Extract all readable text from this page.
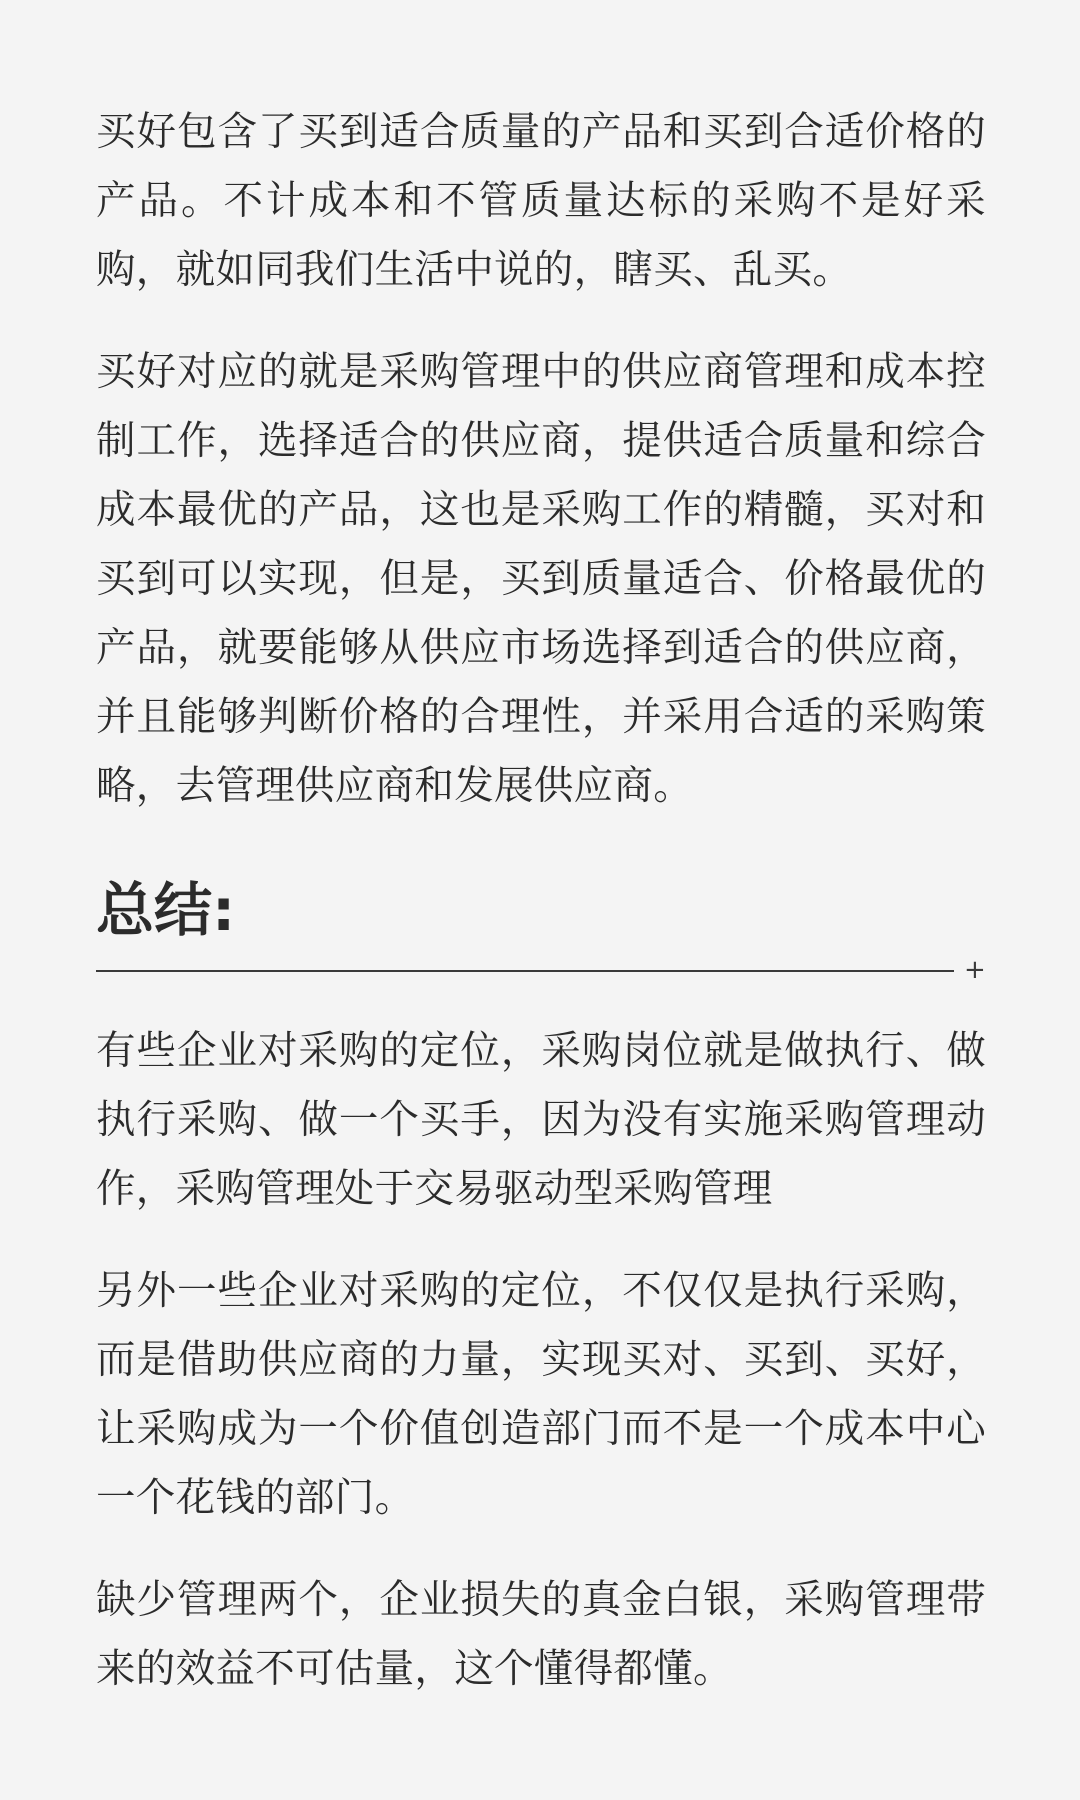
买好包含了买到适合质量的产品和买到合适价格的产品。不计成本和不管质量达标的采购不是好采购，就如同我们生活中说的，瞎买、乱买。

买好对应的就是采购管理中的供应商管理和成本控制工作，选择适合的供应商，提供适合质量和综合成本最优的产品，这也是采购工作的精髓，买对和买到可以实现，但是，买到质量适合、价格最优的产品，就要能够从供应市场选择到适合的供应商，并且能够判断价格的合理性，并采用合适的采购策略，去管理供应商和发展供应商。

总结:
+

有些企业对采购的定位，采购岗位就是做执行、做执行采购、做一个买手，因为没有实施采购管理动作，采购管理处于交易驱动型采购管理

另外一些企业对采购的定位，不仅仅是执行采购，而是借助供应商的力量，实现买对、买到、买好，让采购成为一个价值创造部门而不是一个成本中心一个花钱的部门。

缺少管理两个，企业损失的真金白银，采购管理带来的效益不可估量，这个懂得都懂。
